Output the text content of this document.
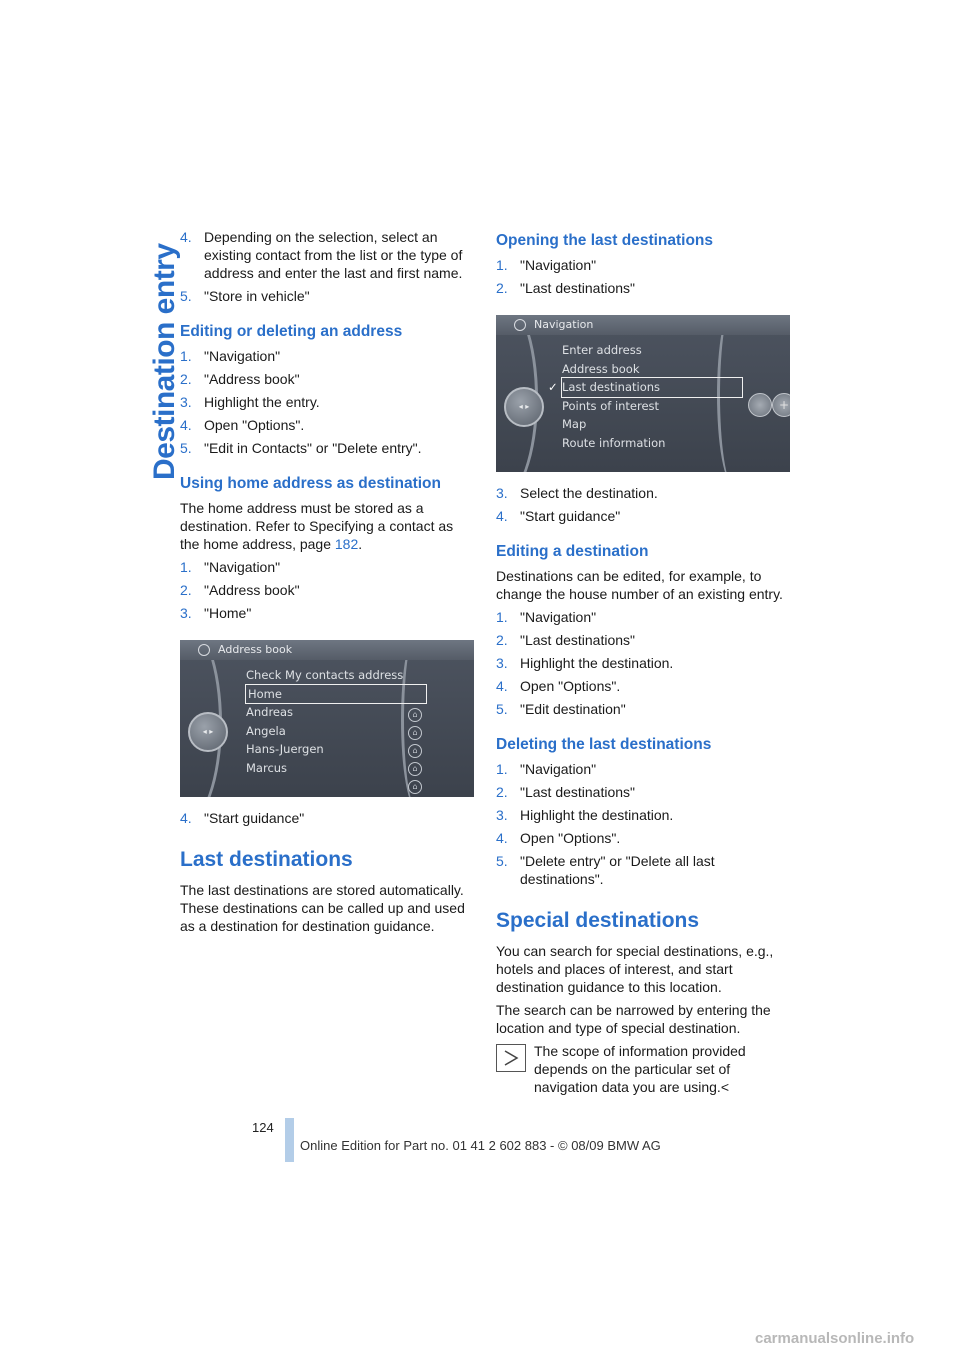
Destination entry
4. Depending on the selection, select an existing contact from the list or the type of address and enter the last and first name.
5. "Store in vehicle"
Editing or deleting an address
1. "Navigation"
2. "Address book"
3. Highlight the entry.
4. Open "Options".
5. "Edit in Contacts" or "Delete entry".
Using home address as destination

The home address must be stored as a destination. Refer to Specifying a contact as the home address, page 182.

1. "Navigation"
2. "Address book"
3. "Home"
Address book
◂ ▸
Check My contacts address
Home
Andreas
Angela
Hans-Juergen
Marcus
⌂
⌂
⌂
⌂
⌂
4. "Start guidance"
Last destinations

The last destinations are stored automatically. These destinations can be called up and used as a destination for destination guidance.

Opening the last destinations
1. "Navigation"
2. "Last destinations"
Navigation
◂ ▸
Enter address
Address book
✓ Last destinations
Points of interest
Map
Route information
+
3. Select the destination.
4. "Start guidance"
Editing a destination

Destinations can be edited, for example, to change the house number of an existing entry.

1. "Navigation"
2. "Last destinations"
3. Highlight the destination.
4. Open "Options".
5. "Edit destination"
Deleting the last destinations
1. "Navigation"
2. "Last destinations"
3. Highlight the destination.
4. Open "Options".
5. "Delete entry" or "Delete all last destinations".
Special destinations

You can search for special destinations, e.g., hotels and places of interest, and start destination guidance to this location.

The search can be narrowed by entering the location and type of special destination.

The scope of information provided depends on the particular set of navigation data you are using.<
124
Online Edition for Part no. 01 41 2 602 883 - © 08/09 BMW AG
carmanualsonline.info
